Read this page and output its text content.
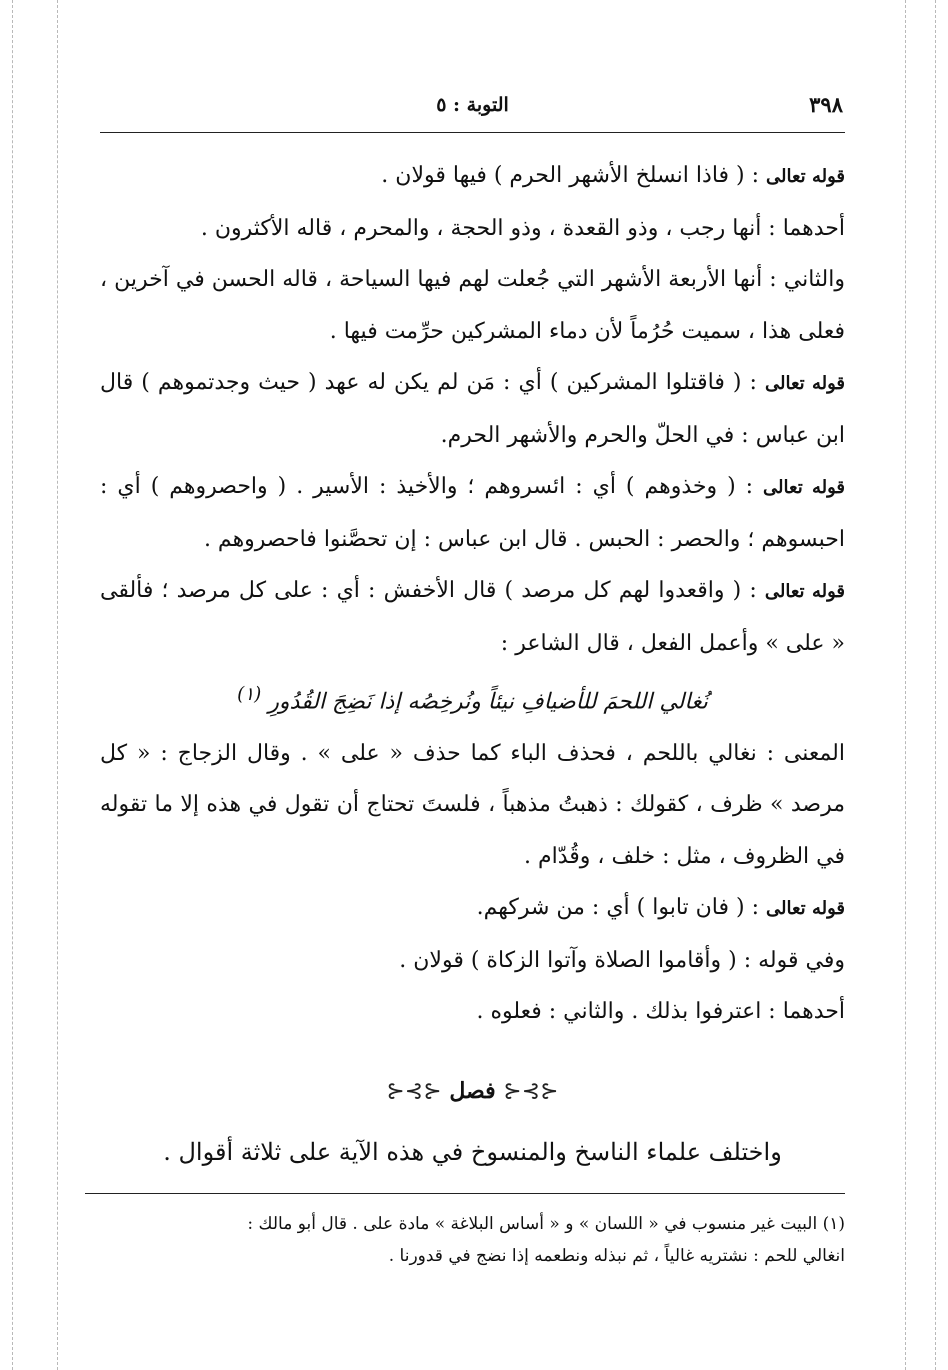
٣٩٨
التوبة : ٥

قوله تعالى : ( فاذا انسلخ الأشهر الحرم ) فيها قولان .

أحدهما : أنها رجب ، وذو القعدة ، وذو الحجة ، والمحرم ، قاله الأكثرون .

والثاني : أنها الأربعة الأشهر التي جُعلت لهم فيها السياحة ، قاله الحسن في آخرين ، فعلى هذا ، سميت حُرُماً لأن دماء المشركين حرِّمت فيها .

قوله تعالى : ( فاقتلوا المشركين ) أي : مَن لم يكن له عهد ( حيث وجدتموهم ) قال ابن عباس : في الحلّ والحرم والأشهر الحرم.

قوله تعالى : ( وخذوهم ) أي : ائسروهم ؛ والأخيذ : الأسير . ( واحصروهم ) أي : احبسوهم ؛ والحصر : الحبس . قال ابن عباس : إن تحصَّنوا فاحصروهم .

قوله تعالى : ( واقعدوا لهم كل مرصد ) قال الأخفش : أي : على كل مرصد ؛ فألقى « على » وأعمل الفعل ، قال الشاعر :

نُغالي اللحمَ للأضيافِ نيئاً ونُرخِصُه إذا نَضِجَ القُدُورِ $^{(١)}$

المعنى : نغالي باللحم ، فحذف الباء كما حذف « على » . وقال الزجاج : « كل مرصد » ظرف ، كقولك : ذهبتُ مذهباً ، فلستَ تحتاج أن تقول في هذه إلا ما تقوله في الظروف ، مثل : خلف ، وقُدّام .

قوله تعالى : ( فان تابوا ) أي : من شركهم.

وفي قوله : ( وأقاموا الصلاة وآتوا الزكاة ) قولان .

أحدهما : اعترفوا بذلك . والثاني : فعلوه .

⊰⊱⊰ فصل ⊰⊱⊰
واختلف علماء الناسخ والمنسوخ في هذه الآية على ثلاثة أقوال .

(١) البيت غير منسوب في « اللسان » و « أساس البلاغة » مادة على . قال أبو مالك :

انغالي للحم : نشتريه غالياً ، ثم نبذله ونطعمه إذا نضج في قدورنا .
